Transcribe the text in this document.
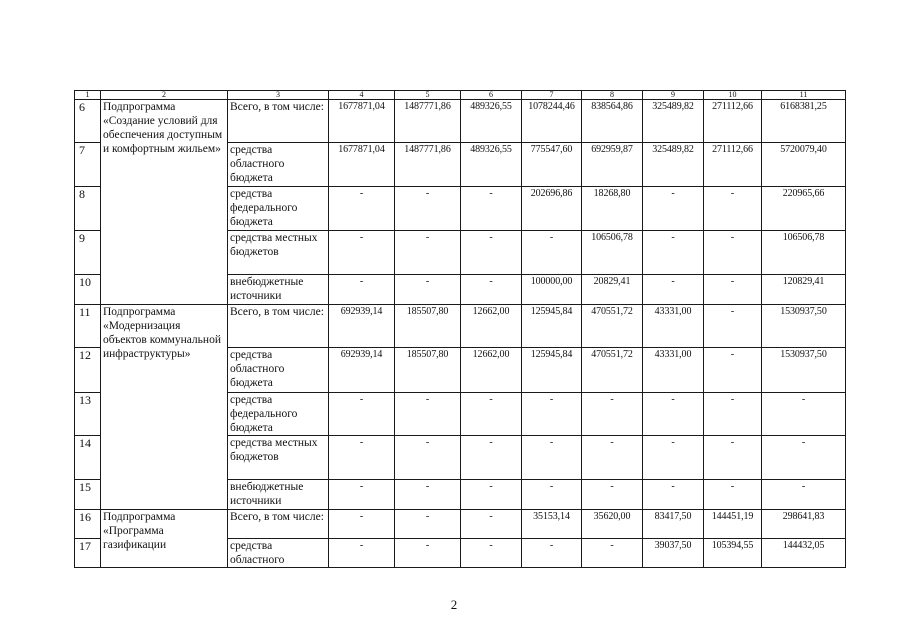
1	2	3	4	5	6	7	8	9	10	11
6	Подпрограмма «Создание условий для обеспечения доступным и комфортным жильем»	Всего, в том числе:	1677871,04	1487771,86	489326,55	1078244,46	838564,86	325489,82	271112,66	6168381,25
7		средства областного бюджета	1677871,04	1487771,86	489326,55	775547,60	692959,87	325489,82	271112,66	5720079,40
8		средства федерального бюджета	-	-	-	202696,86	18268,80	-	-	220965,66
9		средства местных бюджетов	-	-	-	-	106506,78	-	-	106506,78
10		внебюджетные источники	-	-	-	100000,00	20829,41	-	-	120829,41
11	Подпрограмма «Модернизация объектов коммунальной инфраструктуры»	Всего, в том числе:	692939,14	185507,80	12662,00	125945,84	470551,72	43331,00	-	1530937,50
12		средства областного бюджета	692939,14	185507,80	12662,00	125945,84	470551,72	43331,00	-	1530937,50
13		средства федерального бюджета	-	-	-	-	-	-	-	-
14		средства местных бюджетов	-	-	-	-	-	-	-	-
15		внебюджетные источники	-	-	-	-	-	-	-	-
16	Подпрограмма «Программа газификации	Всего, в том числе:	-	-	-	35153,14	35620,00	83417,50	144451,19	298641,83
17		средства областного	-	-	-	-	-	39037,50	105394,55	144432,05
2
